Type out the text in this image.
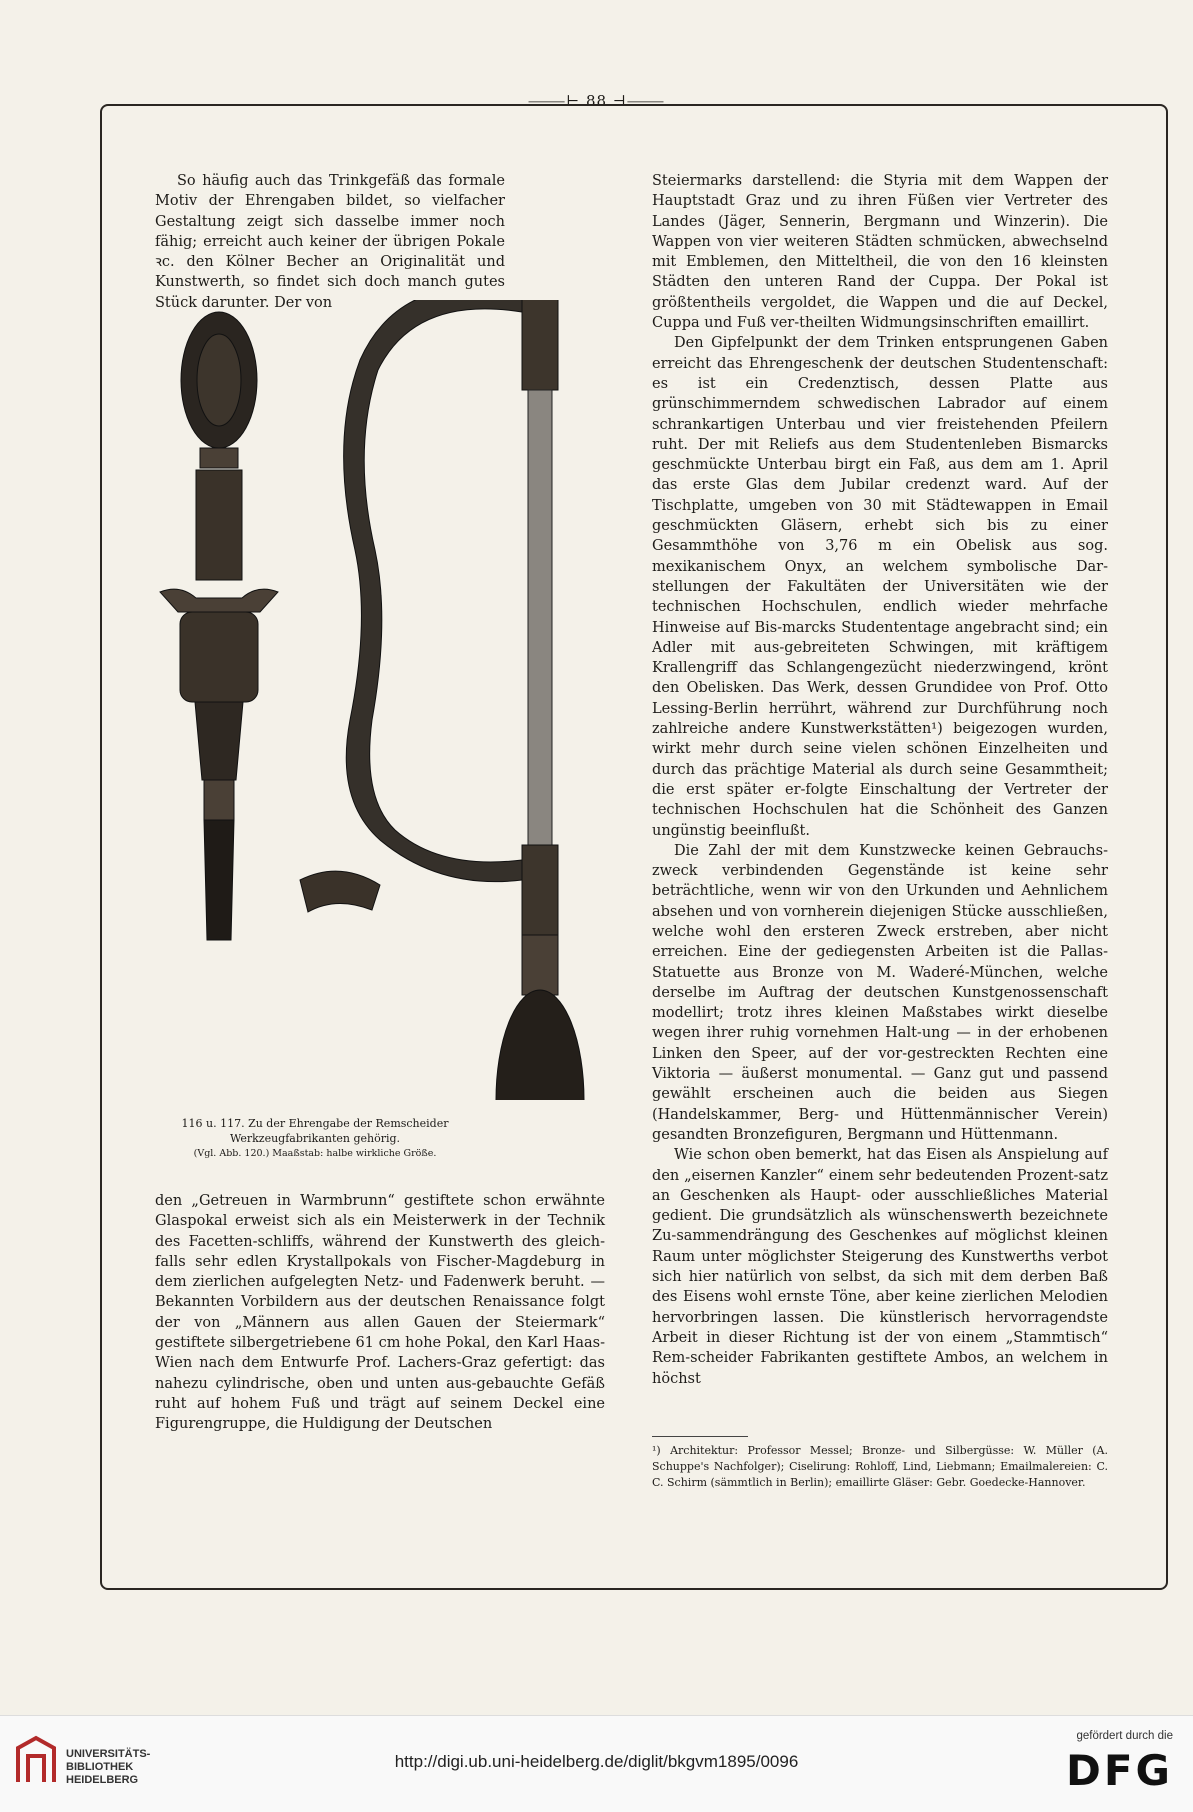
⸻⊢ 88 ⊣⸻

So häufig auch das Trinkgefäß das formale Motiv der Ehrengaben bildet, so vielfacher Gestaltung zeigt sich dasselbe immer noch fähig; erreicht auch keiner der übrigen Pokale ꝛc. den Kölner Becher an Originalität und Kunstwerth, so findet sich doch manch gutes Stück darunter. Der von

116 u. 117. Zu der Ehrengabe der Remscheider Werkzeugfabrikanten gehörig.
(Vgl. Abb. 120.) Maaßstab: halbe wirkliche Größe.

den „Getreuen in Warmbrunn“ gestiftete schon erwähnte Glaspokal erweist sich als ein Meisterwerk in der Technik des Facetten-schliffs, während der Kunstwerth des gleich-falls sehr edlen Krystallpokals von Fischer-Magdeburg in dem zierlichen aufgelegten Netz- und Fadenwerk beruht. — Bekannten Vorbildern aus der deutschen Renaissance folgt der von „Männern aus allen Gauen der Steiermark“ gestiftete silbergetriebene 61 cm hohe Pokal, den Karl Haas-Wien nach dem Entwurfe Prof. Lachers-Graz gefertigt: das nahezu cylindrische, oben und unten aus-gebauchte Gefäß ruht auf hohem Fuß und trägt auf seinem Deckel eine Figurengruppe, die Huldigung der Deutschen

Steiermarks darstellend: die Styria mit dem Wappen der Hauptstadt Graz und zu ihren Füßen vier Vertreter des Landes (Jäger, Sennerin, Bergmann und Winzerin). Die Wappen von vier weiteren Städten schmücken, abwechselnd mit Emblemen, den Mitteltheil, die von den 16 kleinsten Städten den unteren Rand der Cuppa. Der Pokal ist größtentheils vergoldet, die Wappen und die auf Deckel, Cuppa und Fuß ver-theilten Widmungsinschriften emaillirt.

Den Gipfelpunkt der dem Trinken entsprungenen Gaben erreicht das Ehrengeschenk der deutschen Studentenschaft: es ist ein Credenztisch, dessen Platte aus grünschimmerndem schwedischen Labrador auf einem schrankartigen Unterbau und vier freistehenden Pfeilern ruht. Der mit Reliefs aus dem Studentenleben Bismarcks geschmückte Unterbau birgt ein Faß, aus dem am 1. April das erste Glas dem Jubilar credenzt ward. Auf der Tischplatte, umgeben von 30 mit Städtewappen in Email geschmückten Gläsern, erhebt sich bis zu einer Gesammthöhe von 3,76 m ein Obelisk aus sog. mexikanischem Onyx, an welchem symbolische Dar-stellungen der Fakultäten der Universitäten wie der technischen Hochschulen, endlich wieder mehrfache Hinweise auf Bis-marcks Studententage angebracht sind; ein Adler mit aus-gebreiteten Schwingen, mit kräftigem Krallengriff das Schlangengezücht niederzwingend, krönt den Obelisken. Das Werk, dessen Grundidee von Prof. Otto Lessing-Berlin herrührt, während zur Durchführung noch zahlreiche andere Kunstwerkstätten¹) beigezogen wurden, wirkt mehr durch seine vielen schönen Einzelheiten und durch das prächtige Material als durch seine Gesammtheit; die erst später er-folgte Einschaltung der Vertreter der technischen Hochschulen hat die Schönheit des Ganzen ungünstig beeinflußt.

Die Zahl der mit dem Kunstzwecke keinen Gebrauchs-zweck verbindenden Gegenstände ist keine sehr beträchtliche, wenn wir von den Urkunden und Aehnlichem absehen und von vornherein diejenigen Stücke ausschließen, welche wohl den ersteren Zweck erstreben, aber nicht erreichen. Eine der gediegensten Arbeiten ist die Pallas-Statuette aus Bronze von M. Waderé-München, welche derselbe im Auftrag der deutschen Kunstgenossenschaft modellirt; trotz ihres kleinen Maßstabes wirkt dieselbe wegen ihrer ruhig vornehmen Halt-ung — in der erhobenen Linken den Speer, auf der vor-gestreckten Rechten eine Viktoria — äußerst monumental. — Ganz gut und passend gewählt erscheinen auch die beiden aus Siegen (Handelskammer, Berg- und Hüttenmännischer Verein) gesandten Bronzefiguren, Bergmann und Hüttenmann.

Wie schon oben bemerkt, hat das Eisen als Anspielung auf den „eisernen Kanzler“ einem sehr bedeutenden Prozent-satz an Geschenken als Haupt- oder ausschließliches Material gedient. Die grundsätzlich als wünschenswerth bezeichnete Zu-sammendrängung des Geschenkes auf möglichst kleinen Raum unter möglichster Steigerung des Kunstwerths verbot sich hier natürlich von selbst, da sich mit dem derben Baß des Eisens wohl ernste Töne, aber keine zierlichen Melodien hervorbringen lassen. Die künstlerisch hervorragendste Arbeit in dieser Richtung ist der von einem „Stammtisch“ Rem-scheider Fabrikanten gestiftete Ambos, an welchem in höchst

¹) Architektur: Professor Messel; Bronze- und Silbergüsse: W. Müller (A. Schuppe's Nachfolger); Ciselirung: Rohloff, Lind, Liebmann; Emailmalereien: C. C. Schirm (sämmtlich in Berlin); emaillirte Gläser: Gebr. Goedecke-Hannover.
UNIVERSITÄTS-
BIBLIOTHEK
HEIDELBERG
http://digi.ub.uni-heidelberg.de/diglit/bkgvm1895/0096
gefördert durch die
DFG
